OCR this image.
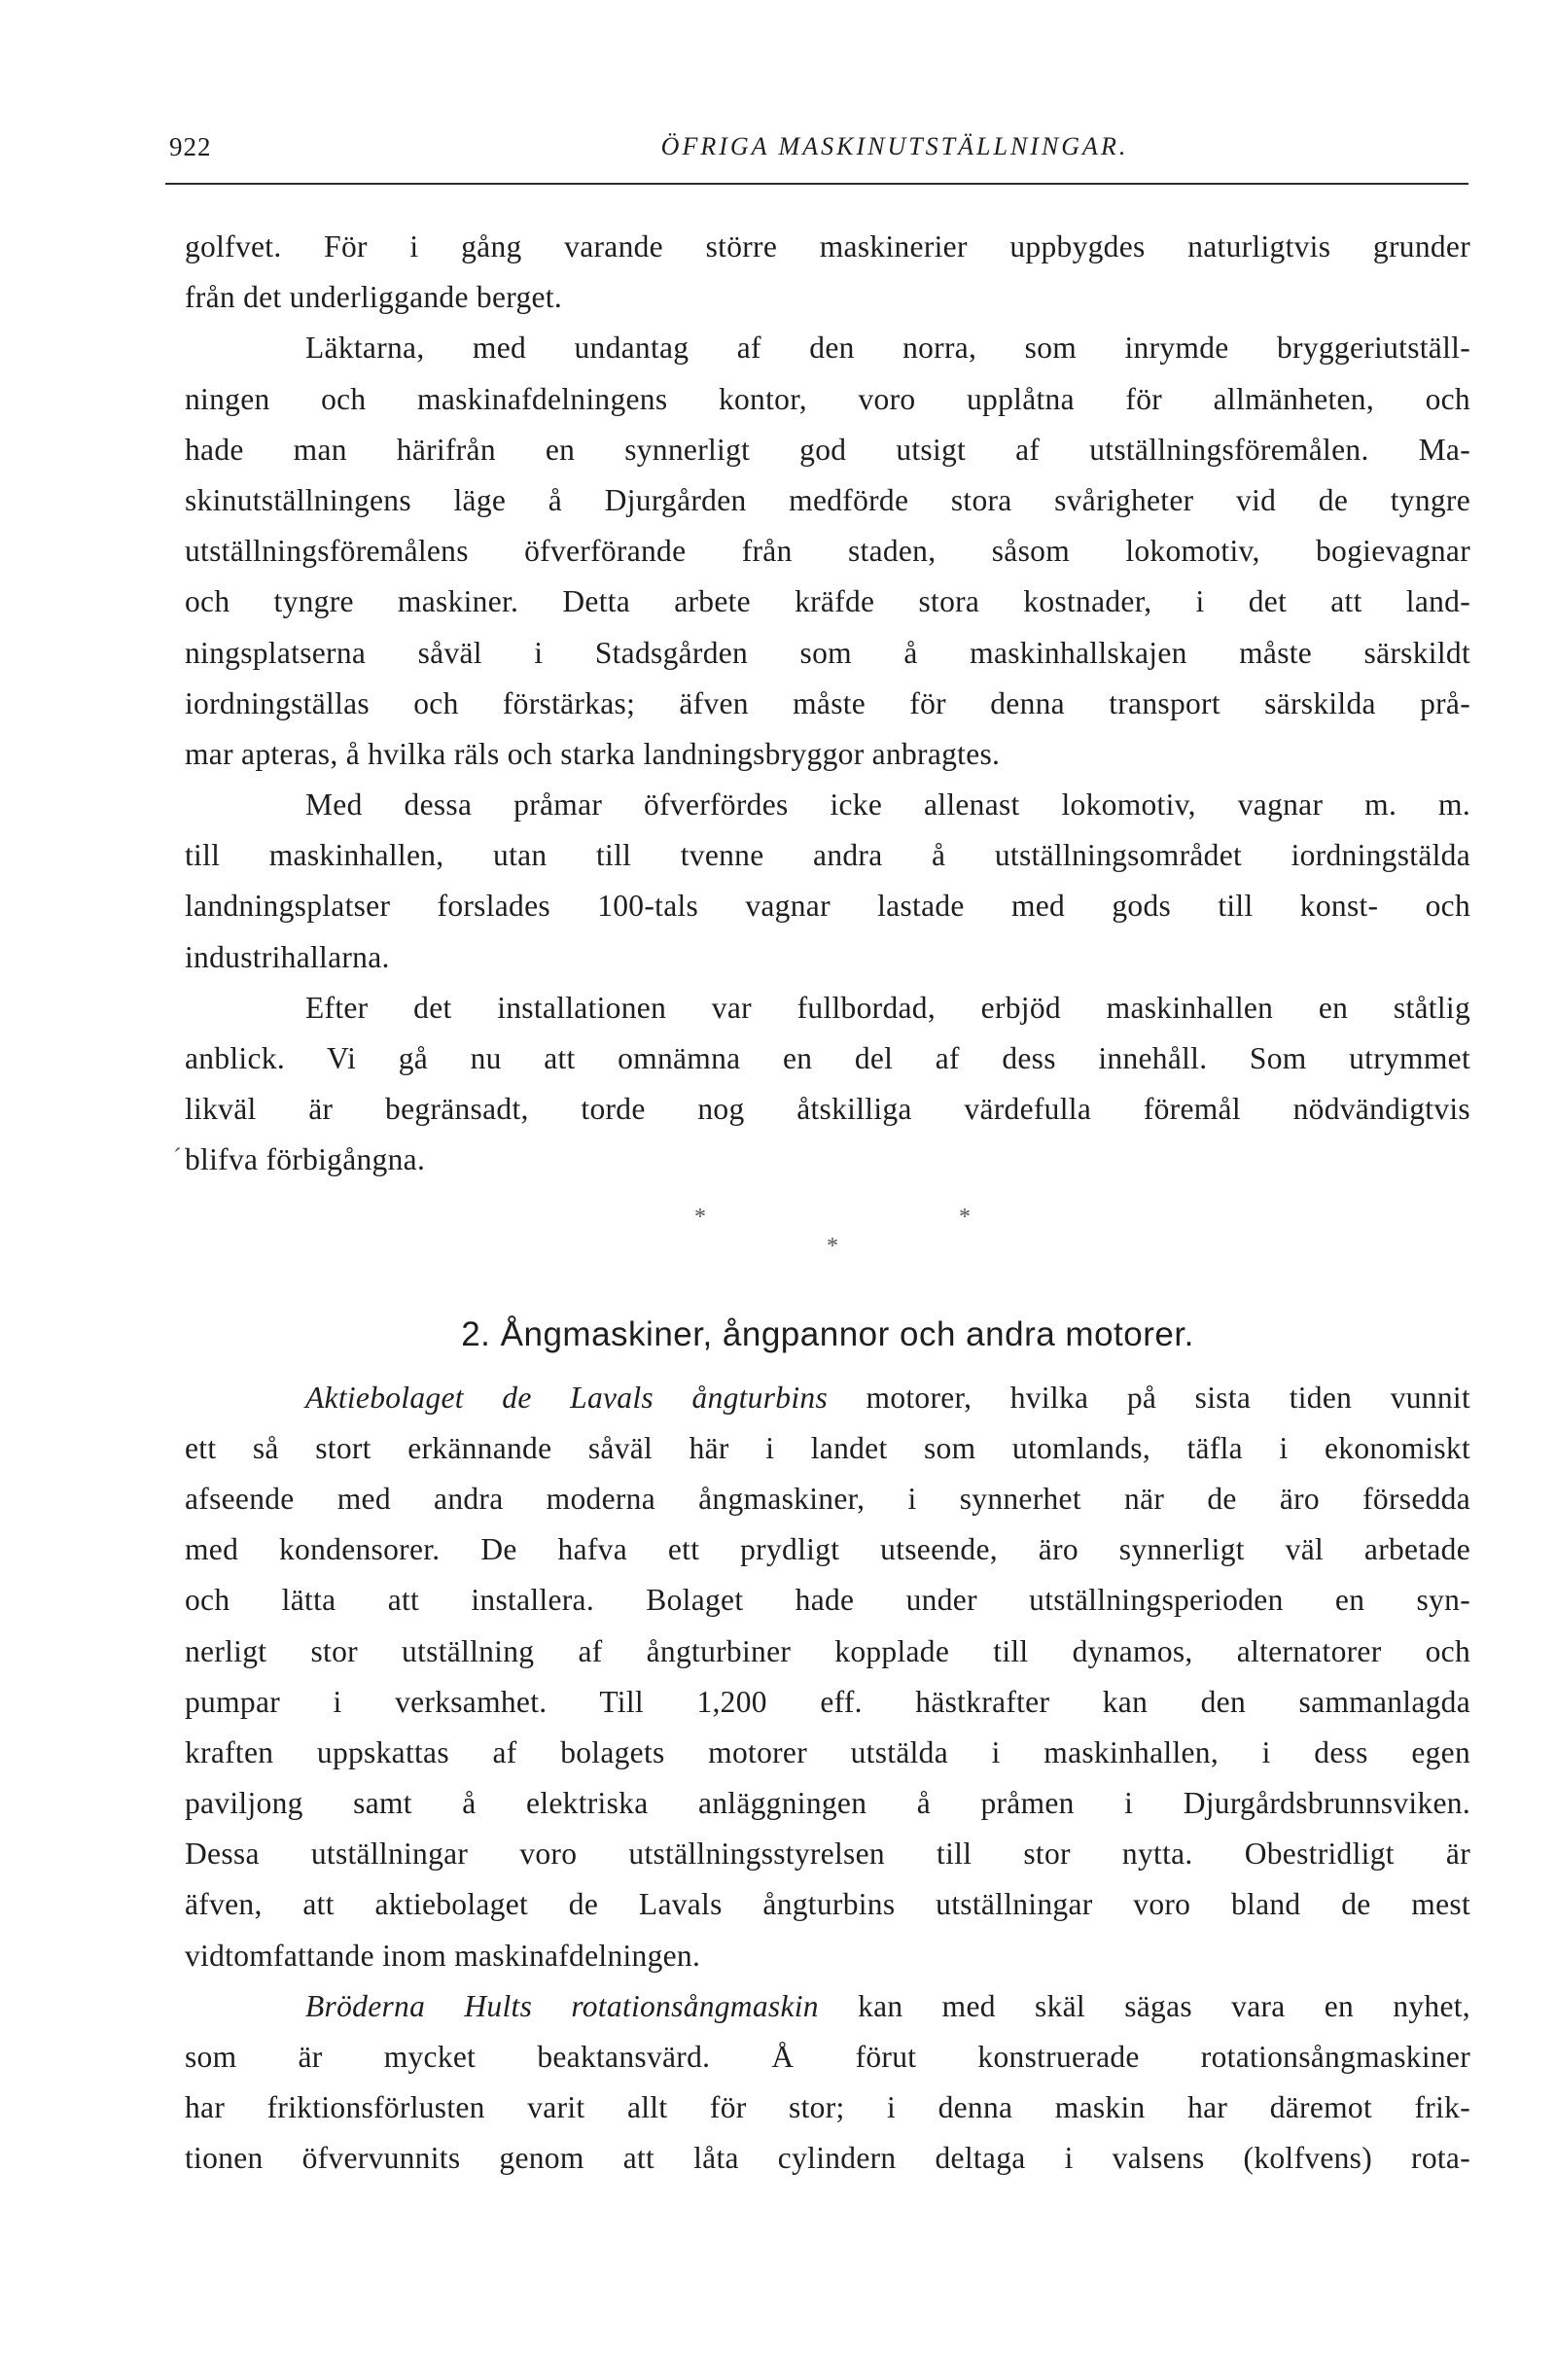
922	ÖFRIGA MASKINUTSTÄLLNINGAR.
´
golfvet. För i gång varande större maskinerier uppbygdes naturligtvis grunder
från det underliggande berget.
Läktarna, med undantag af den norra, som inrymde bryggeriutställ-
ningen och maskinafdelningens kontor, voro upplåtna för allmänheten, och
hade man härifrån en synnerligt god utsigt af utställningsföremålen. Ma-
skinutställningens läge å Djurgården medförde stora svårigheter vid de tyngre
utställningsföremålens öfverförande från staden, såsom lokomotiv, bogievagnar
och tyngre maskiner. Detta arbete kräfde stora kostnader, i det att land-
ningsplatserna såväl i Stadsgården som å maskinhallskajen måste särskildt
iordningställas och förstärkas; äfven måste för denna transport särskilda prå-
mar apteras, å hvilka räls och starka landningsbryggor anbragtes.
Med dessa pråmar öfverfördes icke allenast lokomotiv, vagnar m. m.
till maskinhallen, utan till tvenne andra å utställningsområdet iordningstälda
landningsplatser forslades 100-tals vagnar lastade med gods till konst- och
industrihallarna.
Efter det installationen var fullbordad, erbjöd maskinhallen en ståtlig
anblick. Vi gå nu att omnämna en del af dess innehåll. Som utrymmet
likväl är begränsadt, torde nog åtskilliga värdefulla föremål nödvändigtvis
blifva förbigångna.
*	*
*
2. Ångmaskiner, ångpannor och andra motorer.
Aktiebolaget de Lavals ångturbins motorer, hvilka på sista tiden vunnit
ett så stort erkännande såväl här i landet som utomlands, täfla i ekonomiskt
afseende med andra moderna ångmaskiner, i synnerhet när de äro försedda
med kondensorer. De hafva ett prydligt utseende, äro synnerligt väl arbetade
och lätta att installera. Bolaget hade under utställningsperioden en syn-
nerligt stor utställning af ångturbiner kopplade till dynamos, alternatorer och
pumpar i verksamhet. Till 1,200 eff. hästkrafter kan den sammanlagda
kraften uppskattas af bolagets motorer utstälda i maskinhallen, i dess egen
paviljong samt å elektriska anläggningen å pråmen i Djurgårdsbrunnsviken.
Dessa utställningar voro utställningsstyrelsen till stor nytta. Obestridligt är
äfven, att aktiebolaget de Lavals ångturbins utställningar voro bland de mest
vidtomfattande inom maskinafdelningen.
Bröderna Hults rotationsångmaskin kan med skäl sägas vara en nyhet,
som är mycket beaktansvärd. Å förut konstruerade rotationsångmaskiner
har friktionsförlusten varit allt för stor; i denna maskin har däremot frik-
tionen öfvervunnits genom att låta cylindern deltaga i valsens (kolfvens) rota-
